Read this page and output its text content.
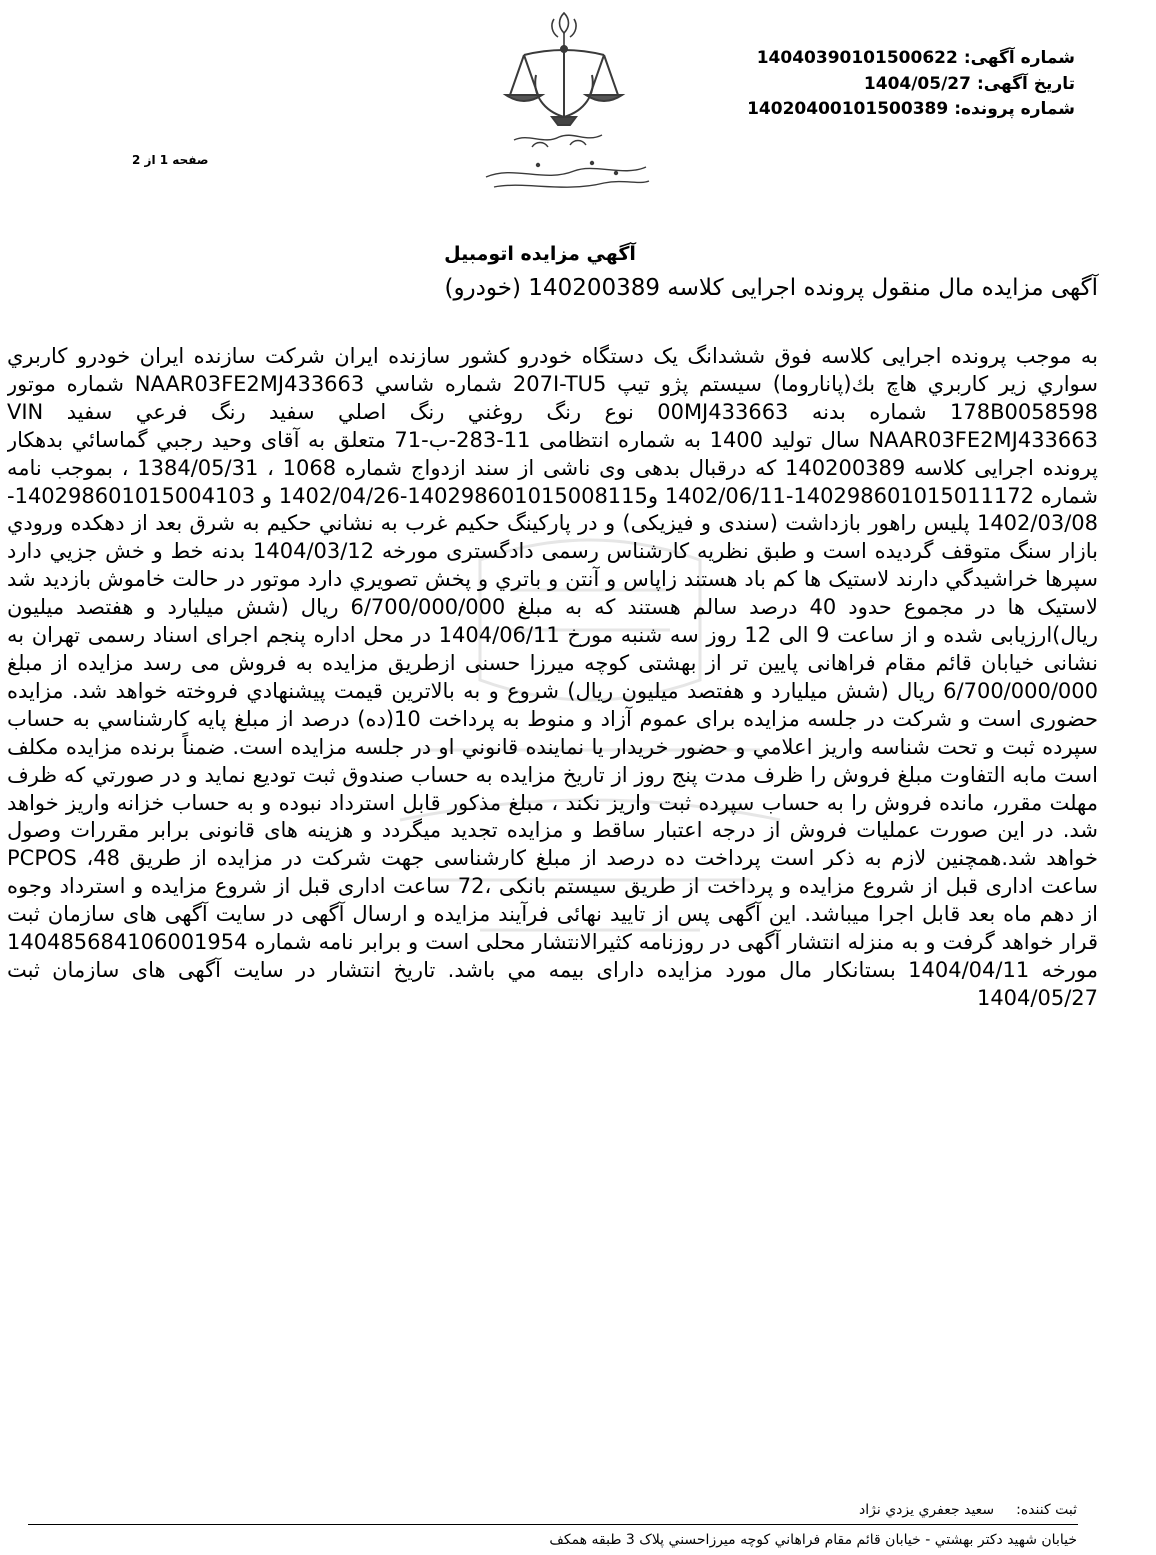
شماره آگهی:14040390101500622
تاریخ آگهی:1404/05/27
شماره پرونده:14020400101500389
صفحه 1 از 2
آگهي مزايده اتومبيل
آگهی مزایده مال منقول پرونده اجرایی کلاسه 140200389 (خودرو)
به موجب پرونده اجرايی کلاسه فوق ششدانگ یک دستگاه خودرو کشور سازنده ایران شرکت سازنده ایران خودرو کاربري سواري زير كاربري هاچ بك(پاناروما) سيستم پژو تيپ 207I-TU5 شماره شاسي NAAR03FE2MJ433663 شماره موتور 178B0058598 شماره بدنه 00MJ433663 نوع رنگ روغني رنگ اصلي سفيد رنگ فرعي سفيد VIN NAAR03FE2MJ433663 سال توليد 1400 به شماره انتظامی 11-283-ب-71 متعلق به آقای وحيد رجبي گماسائي بدهکار پرونده اجرایی کلاسه 140200389 که درقبال بدهی وی ناشی از سند ازدواج شماره 1068 ، 1384/05/31 ، بموجب نامه شماره 140298601015011172-1402/06/11 و140298601015008115-1402/04/26 و 140298601015004103-1402/03/08 پلیس راهور بازداشت (سندی و فیزیکی) و در پارکینگ حکیم غرب به نشاني حكيم به شرق بعد از دهكده ورودي بازار سنگ متوقف گرديده است و طبق نظریه کارشناس رسمی دادگستری مورخه 1404/03/12 بدنه خط و خش جزيي دارد سپرها خراشيدگي دارند لاستيک ها کم باد هستند زاپاس و آنتن و باتري و پخش تصويري دارد موتور در حالت خاموش بازديد شد لاستيک ها در مجموع حدود 40 درصد سالم هستند که به مبلغ 6/700/000/000 ریال (شش میلیارد و هفتصد میلیون ریال)ارزیابی شده و از ساعت 9 الی 12 روز سه شنبه مورخ 1404/06/11 در محل اداره پنجم اجرای اسناد رسمی تهران به نشانی خیابان قائم مقام فراهانی پایین تر از بهشتی کوچه میرزا حسنی ازطریق مزایده به فروش می رسد مزایده از مبلغ 6/700/000/000 ریال (شش میلیارد و هفتصد میلیون ریال) شروع و به بالاترين قيمت پيشنهادي فروخته خواهد شد. مزایده حضوری است و شرکت در جلسه مزایده برای عموم آزاد و منوط به پرداخت 10(ده) درصد از مبلغ پايه كارشناسي به حساب سپرده ثبت و تحت شناسه واريز اعلامي و حضور خريدار يا نماينده قانوني او در جلسه مزايده است. ضمناً برنده مزایده مکلف است مابه التفاوت مبلغ فروش را ظرف مدت پنج روز از تاريخ مزايده به حساب صندوق ثبت توديع نمايد و در صورتي كه ظرف مهلت مقرر، مانده فروش را به حساب سپرده ثبت واريز نكند ، مبلغ مذكور قابل استرداد نبوده و به حساب خزانه واریز خواهد شد. در اين صورت عمليات فروش از درجه اعتبار ساقط و مزايده تجديد ميگردد و هزينه های قانونی برابر مقررات وصول خواهد شد.همچنین لازم به ذکر است پرداخت ده درصد از مبلغ کارشناسی جهت شرکت در مزایده از طریق 48، PCPOS ساعت اداری قبل از شروع مزایده و پرداخت از طریق سیستم بانکی ،72 ساعت اداری قبل از شروع مزایده و استرداد وجوه از دهم ماه بعد قابل اجرا میباشد. این آگهی پس از تایید نهائی فرآیند مزایده و ارسال آگهی در سایت آگهی های سازمان ثبت قرار خواهد گرفت و به منزله انتشار آگهی در روزنامه کثیرالانتشار محلی است و برابر نامه شماره 14048568410600195‌4 مورخه 1404/04/11 بستانکار مال مورد مزایده دارای بیمه مي باشد. تاریخ انتشار در سایت آگهی های سازمان ثبت 1404/05/27
ثبت کننده:سعيد جعفري يزدي نژاد
خيابان شهيد دكتر بهشتي - خيابان قائم مقام فراهاني كوچه ميرزاحسني پلاک 3 طبقه همکف
